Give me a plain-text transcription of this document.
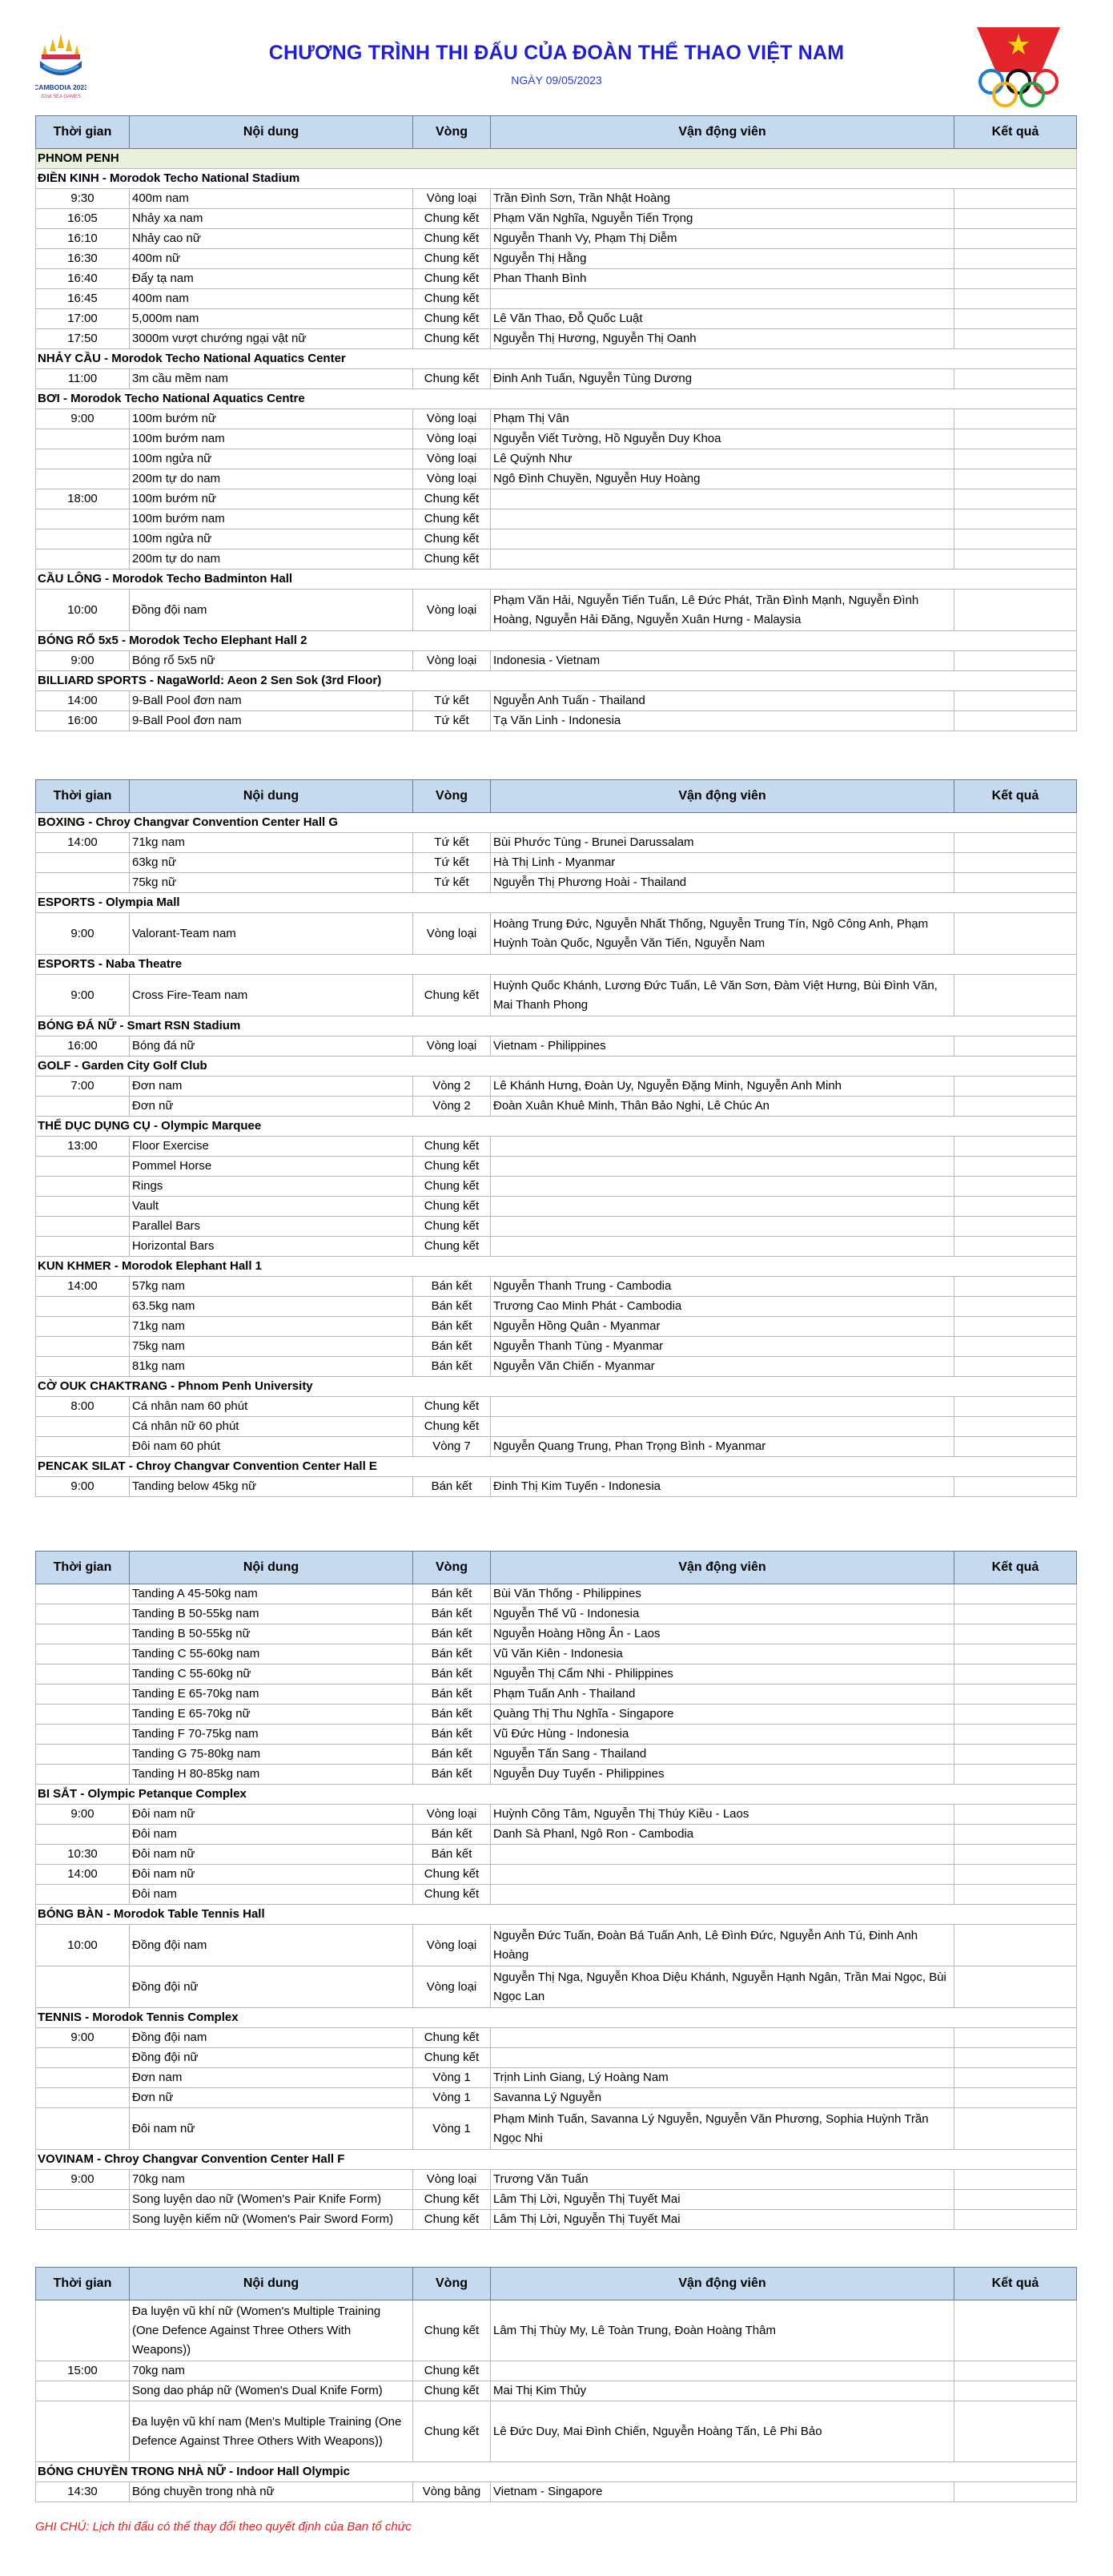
CAMBODIA 2023
32nd SEA GAMES
CHƯƠNG TRÌNH THI ĐẤU CỦA ĐOÀN THỂ THAO VIỆT NAM
NGÀY 09/05/2023
Thời gian	Nội dung	Vòng	Vận động viên	Kết quả
PHNOM PENH				
ĐIỀN KINH - Morodok Techo National Stadium				
9:30	400m nam	Vòng loại	Trần Đình Sơn, Trần Nhật Hoàng	
16:05	Nhảy xa nam	Chung kết	Phạm Văn Nghĩa, Nguyễn Tiến Trọng	
16:10	Nhảy cao nữ	Chung kết	Nguyễn Thanh Vy, Phạm Thị Diễm	
16:30	400m nữ	Chung kết	Nguyễn Thị Hằng	
16:40	Đẩy tạ nam	Chung kết	Phan Thanh Bình	
16:45	400m nam	Chung kết		
17:00	5,000m nam	Chung kết	Lê Văn Thao, Đỗ Quốc Luật	
17:50	3000m vượt chướng ngại vật nữ	Chung kết	Nguyễn Thị Hương, Nguyễn Thị Oanh	
NHẢY CẦU - Morodok Techo National Aquatics Center				
11:00	3m cầu mềm nam	Chung kết	Đinh Anh Tuấn, Nguyễn Tùng Dương	
BƠI - Morodok Techo National Aquatics Centre				
9:00	100m bướm nữ	Vòng loại	Phạm Thị Vân	
	100m bướm nam	Vòng loại	Nguyễn Viết Tường, Hồ Nguyễn Duy Khoa	
	100m ngửa nữ	Vòng loại	Lê Quỳnh Như	
	200m tự do nam	Vòng loại	Ngô Đình Chuyền, Nguyễn Huy Hoàng	
18:00	100m bướm nữ	Chung kết		
	100m bướm nam	Chung kết		
	100m ngửa nữ	Chung kết		
	200m tự do nam	Chung kết		
CẦU LÔNG - Morodok Techo Badminton Hall				
10:00	Đồng đội nam	Vòng loại	Phạm Văn Hải, Nguyễn Tiến Tuấn, Lê Đức Phát, Trần Đình Mạnh, Nguyễn Đình Hoàng, Nguyễn Hải Đăng, Nguyễn Xuân Hưng - Malaysia	
BÓNG RỔ 5x5 - Morodok Techo Elephant Hall 2				
9:00	Bóng rổ 5x5 nữ	Vòng loại	Indonesia - Vietnam	
BILLIARD SPORTS - NagaWorld: Aeon 2 Sen Sok (3rd Floor)				
14:00	9-Ball Pool đơn nam	Tứ kết	Nguyễn Anh Tuấn - Thailand	
16:00	9-Ball Pool đơn nam	Tứ kết	Tạ Văn Linh - Indonesia	
Thời gian	Nội dung	Vòng	Vận động viên	Kết quả
BOXING - Chroy Changvar Convention Center Hall G				
14:00	71kg nam	Tứ kết	Bùi Phước Tùng - Brunei Darussalam	
	63kg nữ	Tứ kết	Hà Thị Linh - Myanmar	
	75kg nữ	Tứ kết	Nguyễn Thị Phương Hoài - Thailand	
ESPORTS - Olympia Mall				
9:00	Valorant-Team nam	Vòng loại	Hoàng Trung Đức, Nguyễn Nhất Thống, Nguyễn Trung Tín, Ngô Công Anh, Phạm Huỳnh Toàn Quốc, Nguyễn Văn Tiến, Nguyễn Nam	
ESPORTS - Naba Theatre				
9:00	Cross Fire-Team nam	Chung kết	Huỳnh Quốc Khánh, Lương Đức Tuấn, Lê Văn Sơn, Đàm Việt Hưng, Bùi Đình Văn, Mai Thanh Phong	
BÓNG ĐÁ NỮ - Smart RSN Stadium				
16:00	Bóng đá nữ	Vòng loại	Vietnam - Philippines	
GOLF - Garden City Golf Club				
7:00	Đơn nam	Vòng 2	Lê Khánh Hưng, Đoàn Uy, Nguyễn Đặng Minh, Nguyễn Anh Minh	
	Đơn nữ	Vòng 2	Đoàn Xuân Khuê Minh, Thân Bảo Nghi, Lê Chúc An	
THỂ DỤC DỤNG CỤ - Olympic Marquee				
13:00	Floor Exercise	Chung kết		
	Pommel Horse	Chung kết		
	Rings	Chung kết		
	Vault	Chung kết		
	Parallel Bars	Chung kết		
	Horizontal Bars	Chung kết		
KUN KHMER - Morodok Elephant Hall 1				
14:00	57kg nam	Bán kết	Nguyễn Thanh Trung - Cambodia	
	63.5kg nam	Bán kết	Trương Cao Minh Phát - Cambodia	
	71kg nam	Bán kết	Nguyễn Hồng Quân - Myanmar	
	75kg nam	Bán kết	Nguyễn Thanh Tùng - Myanmar	
	81kg nam	Bán kết	Nguyễn Văn Chiến - Myanmar	
CỜ OUK CHAKTRANG - Phnom Penh University				
8:00	Cá nhân nam 60 phút	Chung kết		
	Cá nhân nữ 60 phút	Chung kết		
	Đôi nam 60 phút	Vòng 7	Nguyễn Quang Trung, Phan Trọng Bình - Myanmar	
PENCAK SILAT - Chroy Changvar Convention Center Hall E				
9:00	Tanding below 45kg nữ	Bán kết	Đinh Thị Kim Tuyến - Indonesia	
Thời gian	Nội dung	Vòng	Vận động viên	Kết quả
	Tanding A 45-50kg nam	Bán kết	Bùi Văn Thống - Philippines	
	Tanding B 50-55kg nam	Bán kết	Nguyễn Thế Vũ - Indonesia	
	Tanding B 50-55kg nữ	Bán kết	Nguyễn Hoàng Hồng Ân - Laos	
	Tanding C 55-60kg nam	Bán kết	Vũ Văn Kiên - Indonesia	
	Tanding C 55-60kg nữ	Bán kết	Nguyễn Thị Cẩm Nhi - Philippines	
	Tanding E 65-70kg nam	Bán kết	Phạm Tuấn Anh - Thailand	
	Tanding E 65-70kg nữ	Bán kết	Quàng Thị Thu Nghĩa - Singapore	
	Tanding F 70-75kg nam	Bán kết	Vũ Đức Hùng - Indonesia	
	Tanding G 75-80kg nam	Bán kết	Nguyễn Tấn Sang - Thailand	
	Tanding H 80-85kg nam	Bán kết	Nguyễn Duy Tuyến - Philippines	
BI SẮT - Olympic Petanque Complex				
9:00	Đôi nam nữ	Vòng loại	Huỳnh Công Tâm, Nguyễn Thị Thúy Kiều - Laos	
	Đôi nam	Bán kết	Danh Sà Phanl, Ngô Ron - Cambodia	
10:30	Đôi nam nữ	Bán kết		
14:00	Đôi nam nữ	Chung kết		
	Đôi nam	Chung kết		
BÓNG BÀN - Morodok Table Tennis Hall				
10:00	Đồng đội nam	Vòng loại	Nguyễn Đức Tuấn, Đoàn Bá Tuấn Anh, Lê Đình Đức, Nguyễn Anh Tú, Đinh Anh Hoàng	
	Đồng đội nữ	Vòng loại	Nguyễn Thị Nga, Nguyễn Khoa Diệu Khánh, Nguyễn Hạnh Ngân, Trần Mai Ngọc, Bùi Ngọc Lan	
TENNIS - Morodok Tennis Complex				
9:00	Đồng đội nam	Chung kết		
	Đồng đội nữ	Chung kết		
	Đơn nam	Vòng 1	Trịnh Linh Giang, Lý Hoàng Nam	
	Đơn nữ	Vòng 1	Savanna Lý Nguyễn	
	Đôi nam nữ	Vòng 1	Phạm Minh Tuấn, Savanna Lý Nguyễn, Nguyễn Văn Phương, Sophia Huỳnh Trần Ngọc Nhi	
VOVINAM - Chroy Changvar Convention Center Hall F				
9:00	70kg nam	Vòng loại	Trương Văn Tuấn	
	Song luyện dao nữ (Women's Pair Knife Form)	Chung kết	Lâm Thị Lời, Nguyễn Thị Tuyết Mai	
	Song luyện kiếm nữ (Women's Pair Sword Form)	Chung kết	Lâm Thị Lời, Nguyễn Thị Tuyết Mai	
Thời gian	Nội dung	Vòng	Vận động viên	Kết quả
	Đa luyện vũ khí nữ (Women's Multiple Training (One Defence Against Three Others With Weapons))	Chung kết	Lâm Thị Thùy My, Lê Toàn Trung, Đoàn Hoàng Thâm	
15:00	70kg nam	Chung kết		
	Song dao pháp nữ (Women's Dual Knife Form)	Chung kết	Mai Thị Kim Thủy	
	Đa luyện vũ khí nam (Men's Multiple Training (One Defence Against Three Others With Weapons))	Chung kết	Lê Đức Duy, Mai Đình Chiến, Nguyễn Hoàng Tấn, Lê Phi Bảo	
BÓNG CHUYỀN TRONG NHÀ NỮ - Indoor Hall Olympic				
14:30	Bóng chuyền trong nhà nữ	Vòng bảng	Vietnam - Singapore	
GHI CHÚ: Lịch thi đấu có thể thay đổi theo quyết định của Ban tổ chức
